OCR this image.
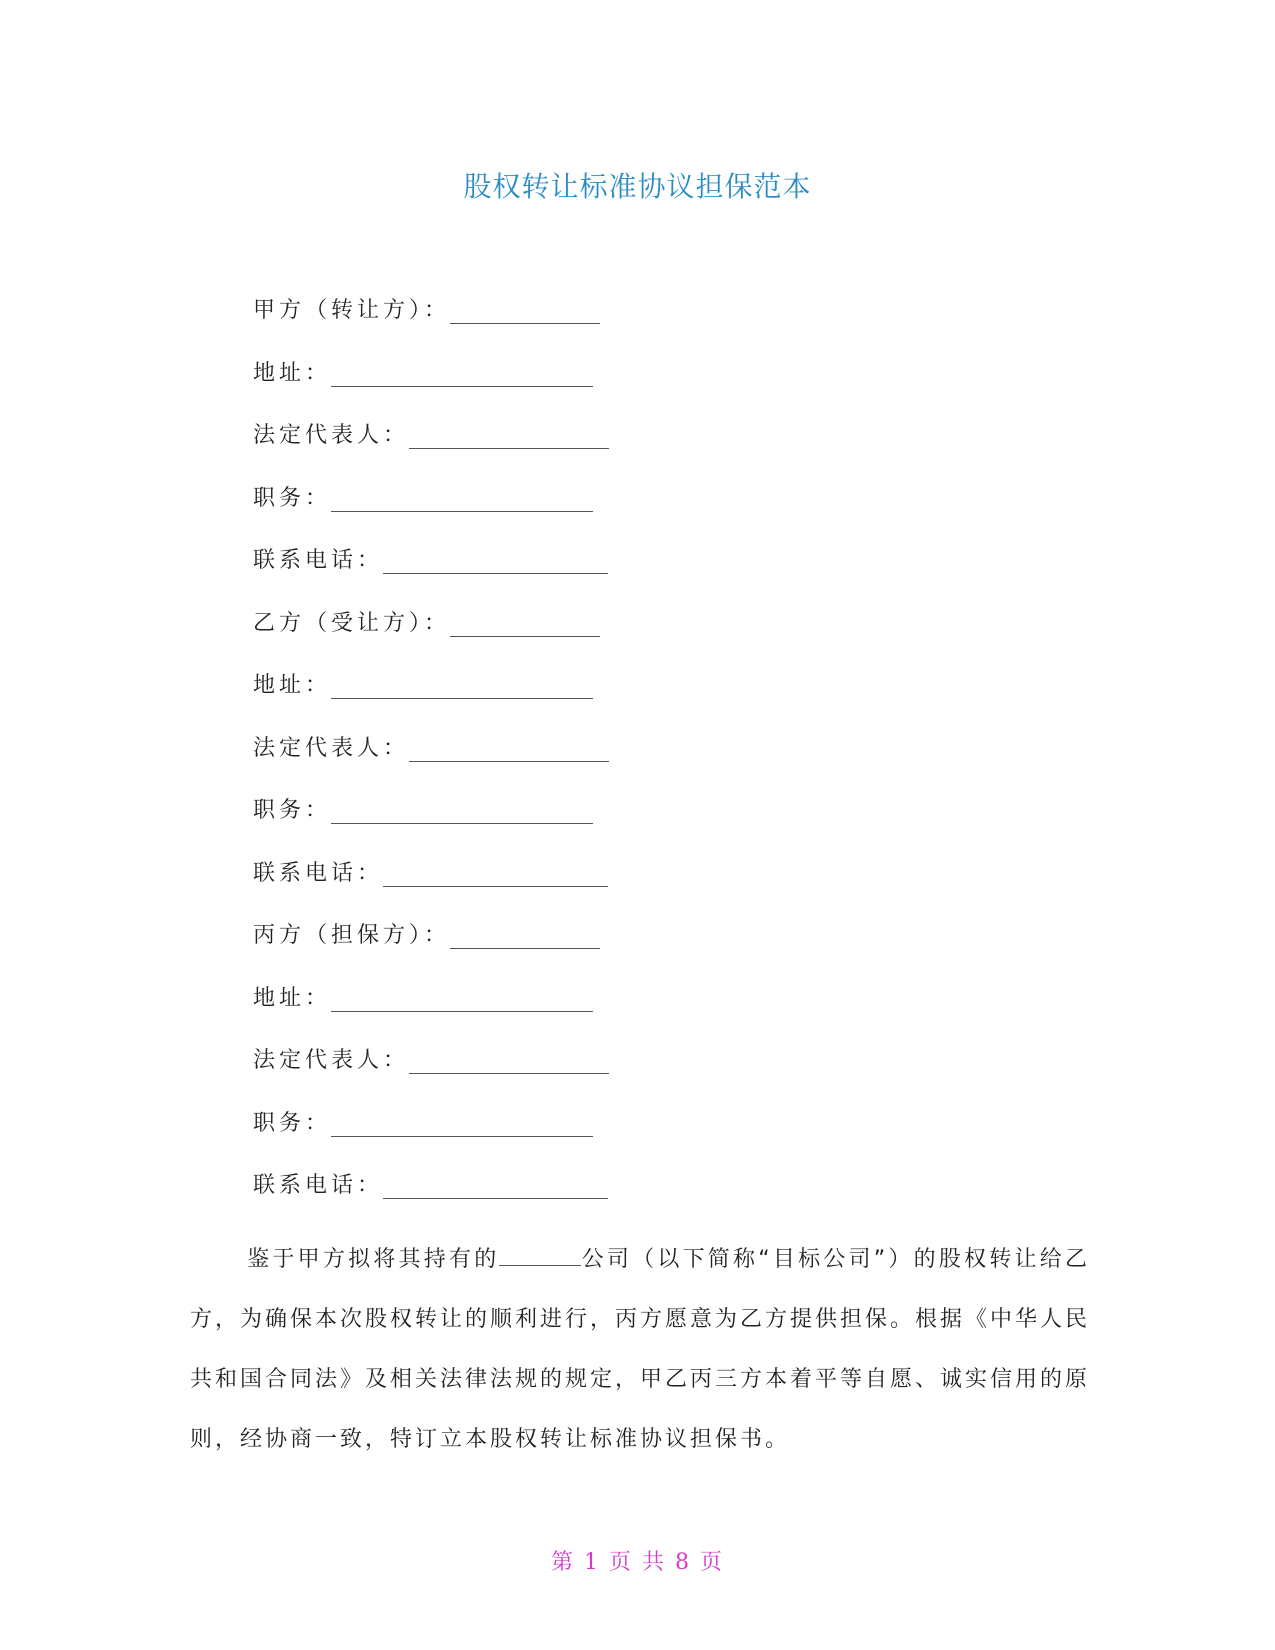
股权转让标准协议担保范本
甲方（转让方）：
地址：
法定代表人：
职务：
联系电话：
乙方（受让方）：
地址：
法定代表人：
职务：
联系电话：
丙方（担保方）：
地址：
法定代表人：
职务：
联系电话：

鉴于甲方拟将其持有的	公司（以下简称“目标公司”）的股权转让给乙方，为确保本次股权转让的顺利进行，丙方愿意为乙方提供担保。根据《中华人民共和国合同法》及相关法律法规的规定，甲乙丙三方本着平等自愿、诚实信用的原则，经协商一致，特订立本股权转让标准协议担保书。

第 1 页 共 8 页
